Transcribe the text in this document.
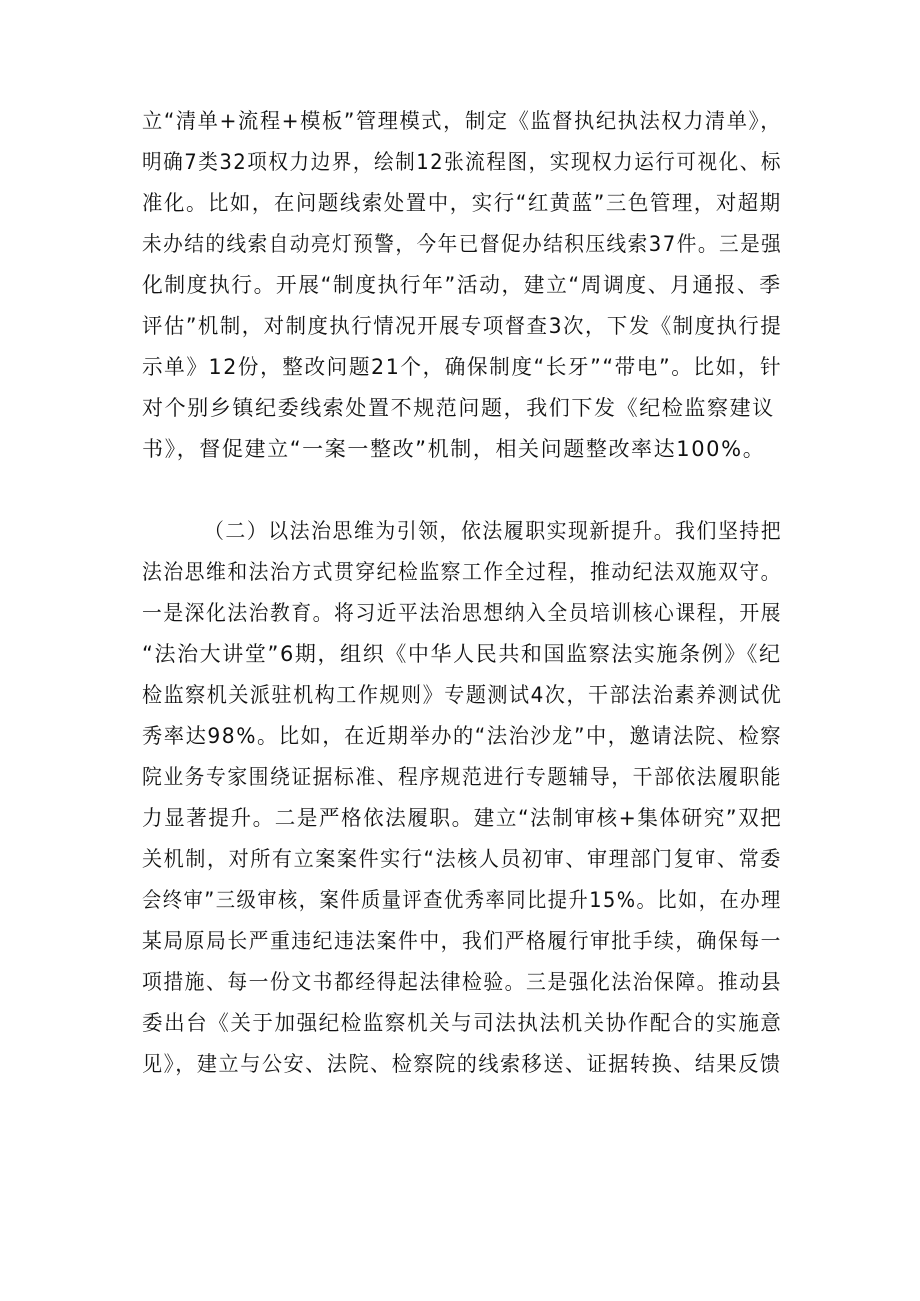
立“清单+流程+模板”管理模式，制定《监督执纪执法权力清单》，
明确7类32项权力边界，绘制12张流程图，实现权力运行可视化、标
准化。比如，在问题线索处置中，实行“红黄蓝”三色管理，对超期
未办结的线索自动亮灯预警，今年已督促办结积压线索37件。三是强
化制度执行。开展“制度执行年”活动，建立“周调度、月通报、季
评估”机制，对制度执行情况开展专项督查3次，下发《制度执行提
示单》12份，整改问题21个，确保制度“长牙”“带电”。比如，针
对个别乡镇纪委线索处置不规范问题，我们下发《纪检监察建议
书》，督促建立“一案一整改”机制，相关问题整改率达100%。
（二）以法治思维为引领，依法履职实现新提升。我们坚持把
法治思维和法治方式贯穿纪检监察工作全过程，推动纪法双施双守。
一是深化法治教育。将习近平法治思想纳入全员培训核心课程，开展
“法治大讲堂”6期，组织《中华人民共和国监察法实施条例》《纪
检监察机关派驻机构工作规则》专题测试4次，干部法治素养测试优
秀率达98%。比如，在近期举办的“法治沙龙”中，邀请法院、检察
院业务专家围绕证据标准、程序规范进行专题辅导，干部依法履职能
力显著提升。二是严格依法履职。建立“法制审核+集体研究”双把
关机制，对所有立案案件实行“法核人员初审、审理部门复审、常委
会终审”三级审核，案件质量评查优秀率同比提升15%。比如，在办理
某局原局长严重违纪违法案件中，我们严格履行审批手续，确保每一
项措施、每一份文书都经得起法律检验。三是强化法治保障。推动县
委出台《关于加强纪检监察机关与司法执法机关协作配合的实施意
见》，建立与公安、法院、检察院的线索移送、证据转换、结果反馈
